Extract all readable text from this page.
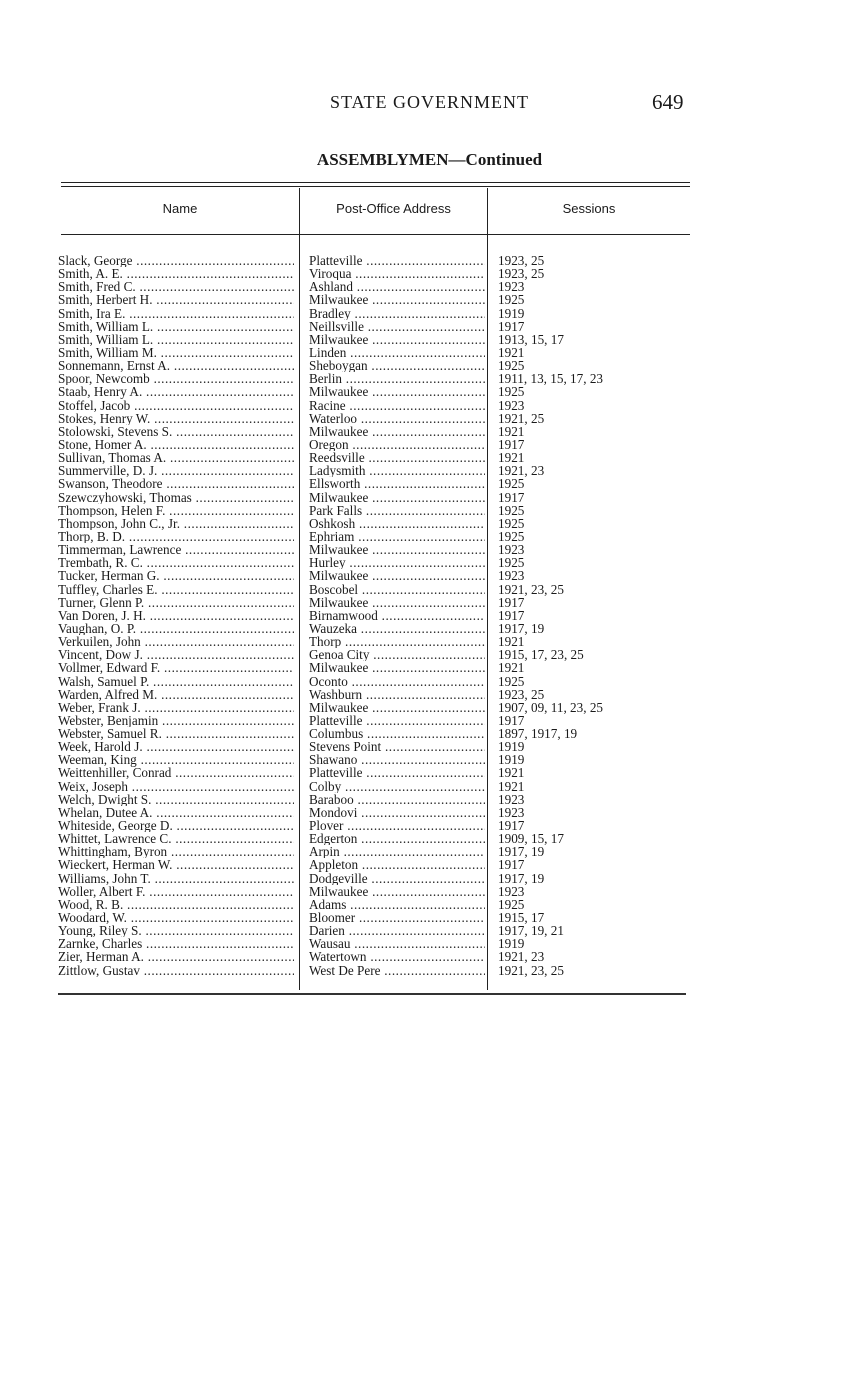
STATE GOVERNMENT	649
ASSEMBLYMEN—Continued
Name	Post-Office Address	Sessions
Slack, George .....	Platteville .....	1923, 25
Smith, A. E. .....	Viroqua .....	1923, 25
Smith, Fred C. .....	Ashland .....	1923
Smith, Herbert H. .....	Milwaukee .....	1925
Smith, Ira E. .....	Bradley .....	1919
Smith, William L. .....	Neillsville .....	1917
Smith, William L. .....	Milwaukee .....	1913, 15, 17
Smith, William M. .....	Linden .....	1921
Sonnemann, Ernst A. .....	Sheboygan .....	1925
Spoor, Newcomb .....	Berlin .....	1911, 13, 15, 17, 23
Staab, Henry A. .....	Milwaukee .....	1925
Stoffel, Jacob .....	Racine .....	1923
Stokes, Henry W. .....	Waterloo .....	1921, 25
Stolowski, Stevens S. .....	Milwaukee .....	1921
Stone, Homer A. .....	Oregon .....	1917
Sullivan, Thomas A. .....	Reedsville .....	1921
Summerville, D. J. .....	Ladysmith .....	1921, 23
Swanson, Theodore .....	Ellsworth .....	1925
Szewczyhowski, Thomas .....	Milwaukee .....	1917
Thompson, Helen F. .....	Park Falls .....	1925
Thompson, John C., Jr. .....	Oshkosh .....	1925
Thorp, B. D. .....	Ephriam .....	1925
Timmerman, Lawrence .....	Milwaukee .....	1923
Trembath, R. C. .....	Hurley .....	1925
Tucker, Herman G. .....	Milwaukee .....	1923
Tuffley, Charles E. .....	Boscobel .....	1921, 23, 25
Turner, Glenn P. .....	Milwaukee .....	1917
Van Doren, J. H. .....	Birnamwood .....	1917
Vaughan, O. P. .....	Wauzeka .....	1917, 19
Verkuilen, John .....	Thorp .....	1921
Vincent, Dow J. .....	Genoa City .....	1915, 17, 23, 25
Vollmer, Edward F. .....	Milwaukee .....	1921
Walsh, Samuel P. .....	Oconto .....	1925
Warden, Alfred M. .....	Washburn .....	1923, 25
Weber, Frank J. .....	Milwaukee .....	1907, 09, 11, 23, 25
Webster, Benjamin .....	Platteville .....	1917
Webster, Samuel R. .....	Columbus .....	1897, 1917, 19
Week, Harold J. .....	Stevens Point .....	1919
Weeman, King .....	Shawano .....	1919
Weittenhiller, Conrad .....	Platteville .....	1921
Weix, Joseph .....	Colby .....	1921
Welch, Dwight S. .....	Baraboo .....	1923
Whelan, Dutee A. .....	Mondovi .....	1923
Whiteside, George D. .....	Plover .....	1917
Whittet, Lawrence C. .....	Edgerton .....	1909, 15, 17
Whittingham, Byron .....	Arpin .....	1917, 19
Wieckert, Herman W. .....	Appleton .....	1917
Williams, John T. .....	Dodgeville .....	1917, 19
Woller, Albert F. .....	Milwaukee .....	1923
Wood, R. B. .....	Adams .....	1925
Woodard, W. .....	Bloomer .....	1915, 17
Young, Riley S. .....	Darien .....	1917, 19, 21
Zarnke, Charles .....	Wausau .....	1919
Zier, Herman A. .....	Watertown .....	1921, 23
Zittlow, Gustav .....	West De Pere .....	1921, 23, 25
